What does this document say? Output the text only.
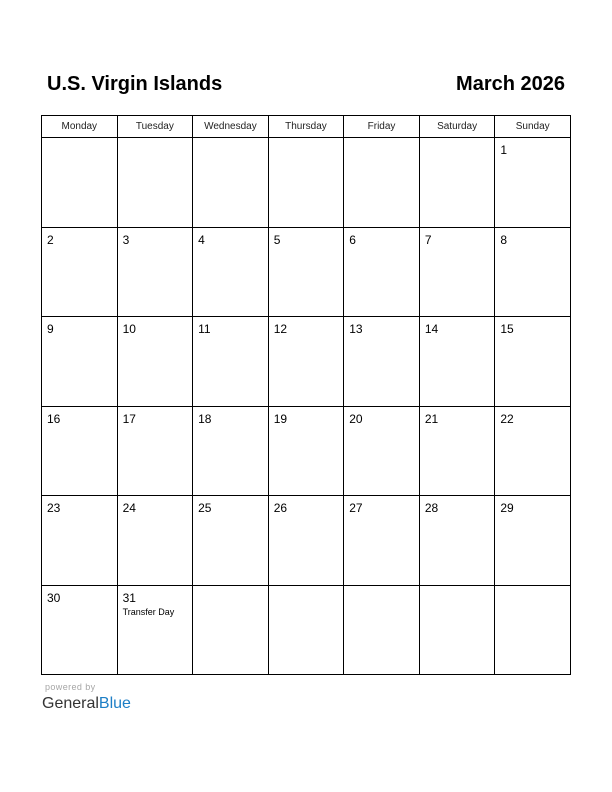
U.S. Virgin Islands	March 2026
Monday	Tuesday	Wednesday	Thursday	Friday	Saturday	Sunday

						1

2	3	4	5	6	7	8

9	10	11	12	13	14	15

16	17	18	19	20	21	22

23	24	25	26	27	28	29

30	31
Transfer Day					

powered by
GeneralBlue
